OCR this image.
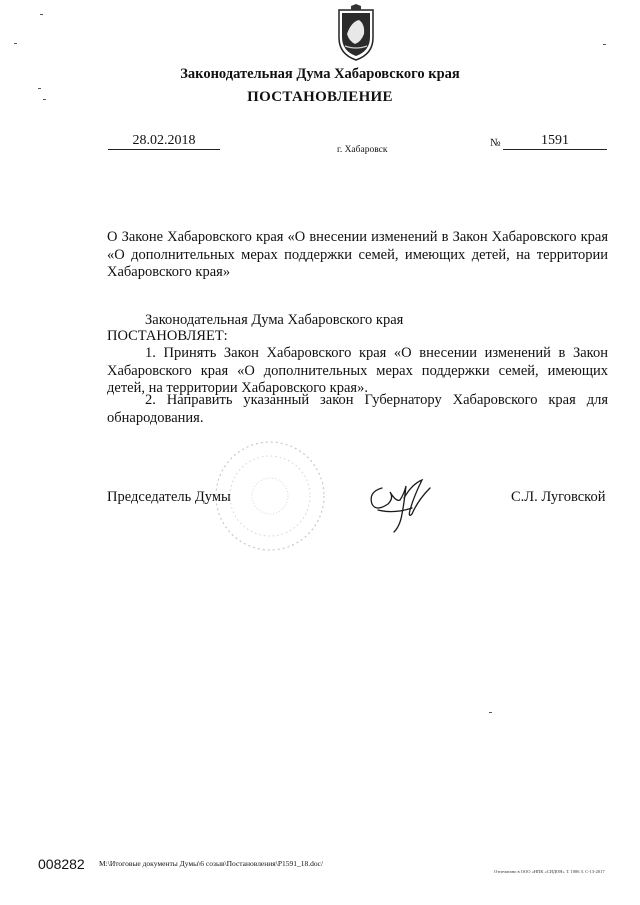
Законодательная Дума Хабаровского края
ПОСТАНОВЛЕНИЕ
28.02.2018
г. Хабаровск
№	1591
О Законе Хабаровского края «О внесении изменений в Закон Хабаровского края «О дополнительных мерах поддержки семей, имеющих детей, на территории Хабаровского края»
Законодательная Дума Хабаровского края
ПОСТАНОВЛЯЕТ:
1. Принять Закон Хабаровского края «О внесении изменений в Закон Хабаровского края «О дополнительных мерах поддержки семей, имеющих детей, на территории Хабаровского края».
2. Направить указанный закон Губернатору Хабаровского края для обнародования.
Председатель Думы	С.Л. Луговской
008282 M:\Итоговые документы Думы\6 созыв\Постановления\P1591_18.doc/
Отпечатано в ООО «НПК «СИДОН» Т. 1086 З. С-13-2017
